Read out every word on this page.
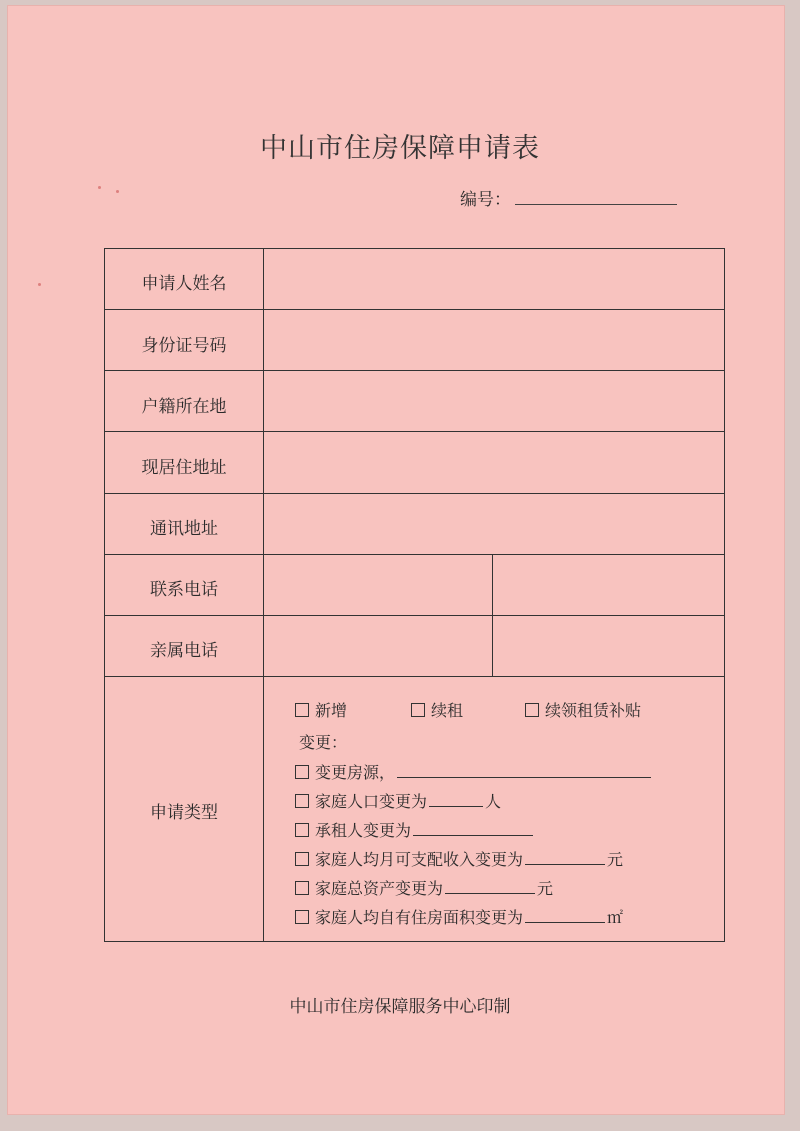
中山市住房保障申请表
编号：
申请人姓名
身份证号码
户籍所在地
现居住地址
通讯地址
联系电话
亲属电话
申请类型
新增	续租	续领租赁补贴
变更：
变更房源，
家庭人口变更为	人
承租人变更为
家庭人均月可支配收入变更为	元
家庭总资产变更为	元
家庭人均自有住房面积变更为	㎡
中山市住房保障服务中心印制
